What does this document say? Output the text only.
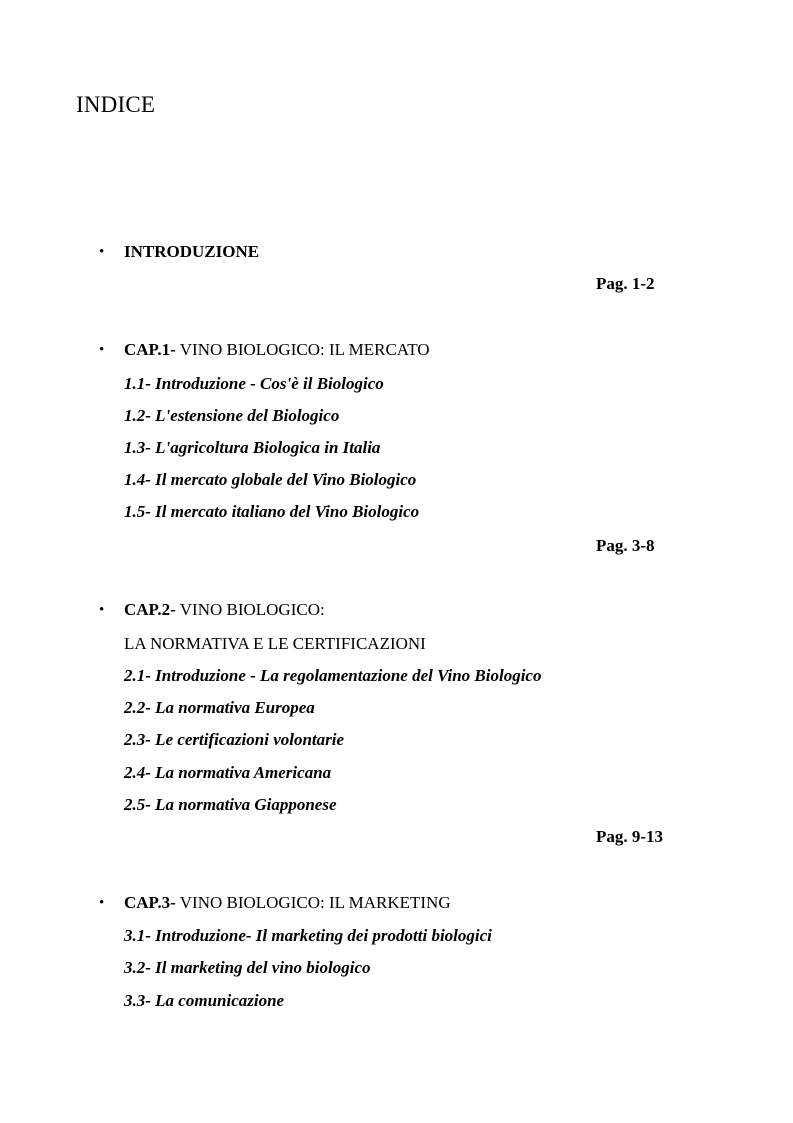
INDICE
• INTRODUZIONE
Pag. 1-2
• CAP.1- VINO BIOLOGICO: IL MERCATO
1.1- Introduzione - Cos'è il Biologico
1.2- L'estensione del Biologico
1.3- L'agricoltura Biologica in Italia
1.4- Il mercato globale del Vino Biologico
1.5- Il mercato italiano del Vino Biologico
Pag. 3-8
• CAP.2- VINO BIOLOGICO:
LA NORMATIVA E LE CERTIFICAZIONI
2.1- Introduzione - La regolamentazione del Vino Biologico
2.2- La normativa Europea
2.3- Le certificazioni volontarie
2.4- La normativa Americana
2.5- La normativa Giapponese
Pag. 9-13
• CAP.3- VINO BIOLOGICO: IL MARKETING
3.1- Introduzione- Il marketing dei prodotti biologici
3.2- Il marketing del vino biologico
3.3- La comunicazione
